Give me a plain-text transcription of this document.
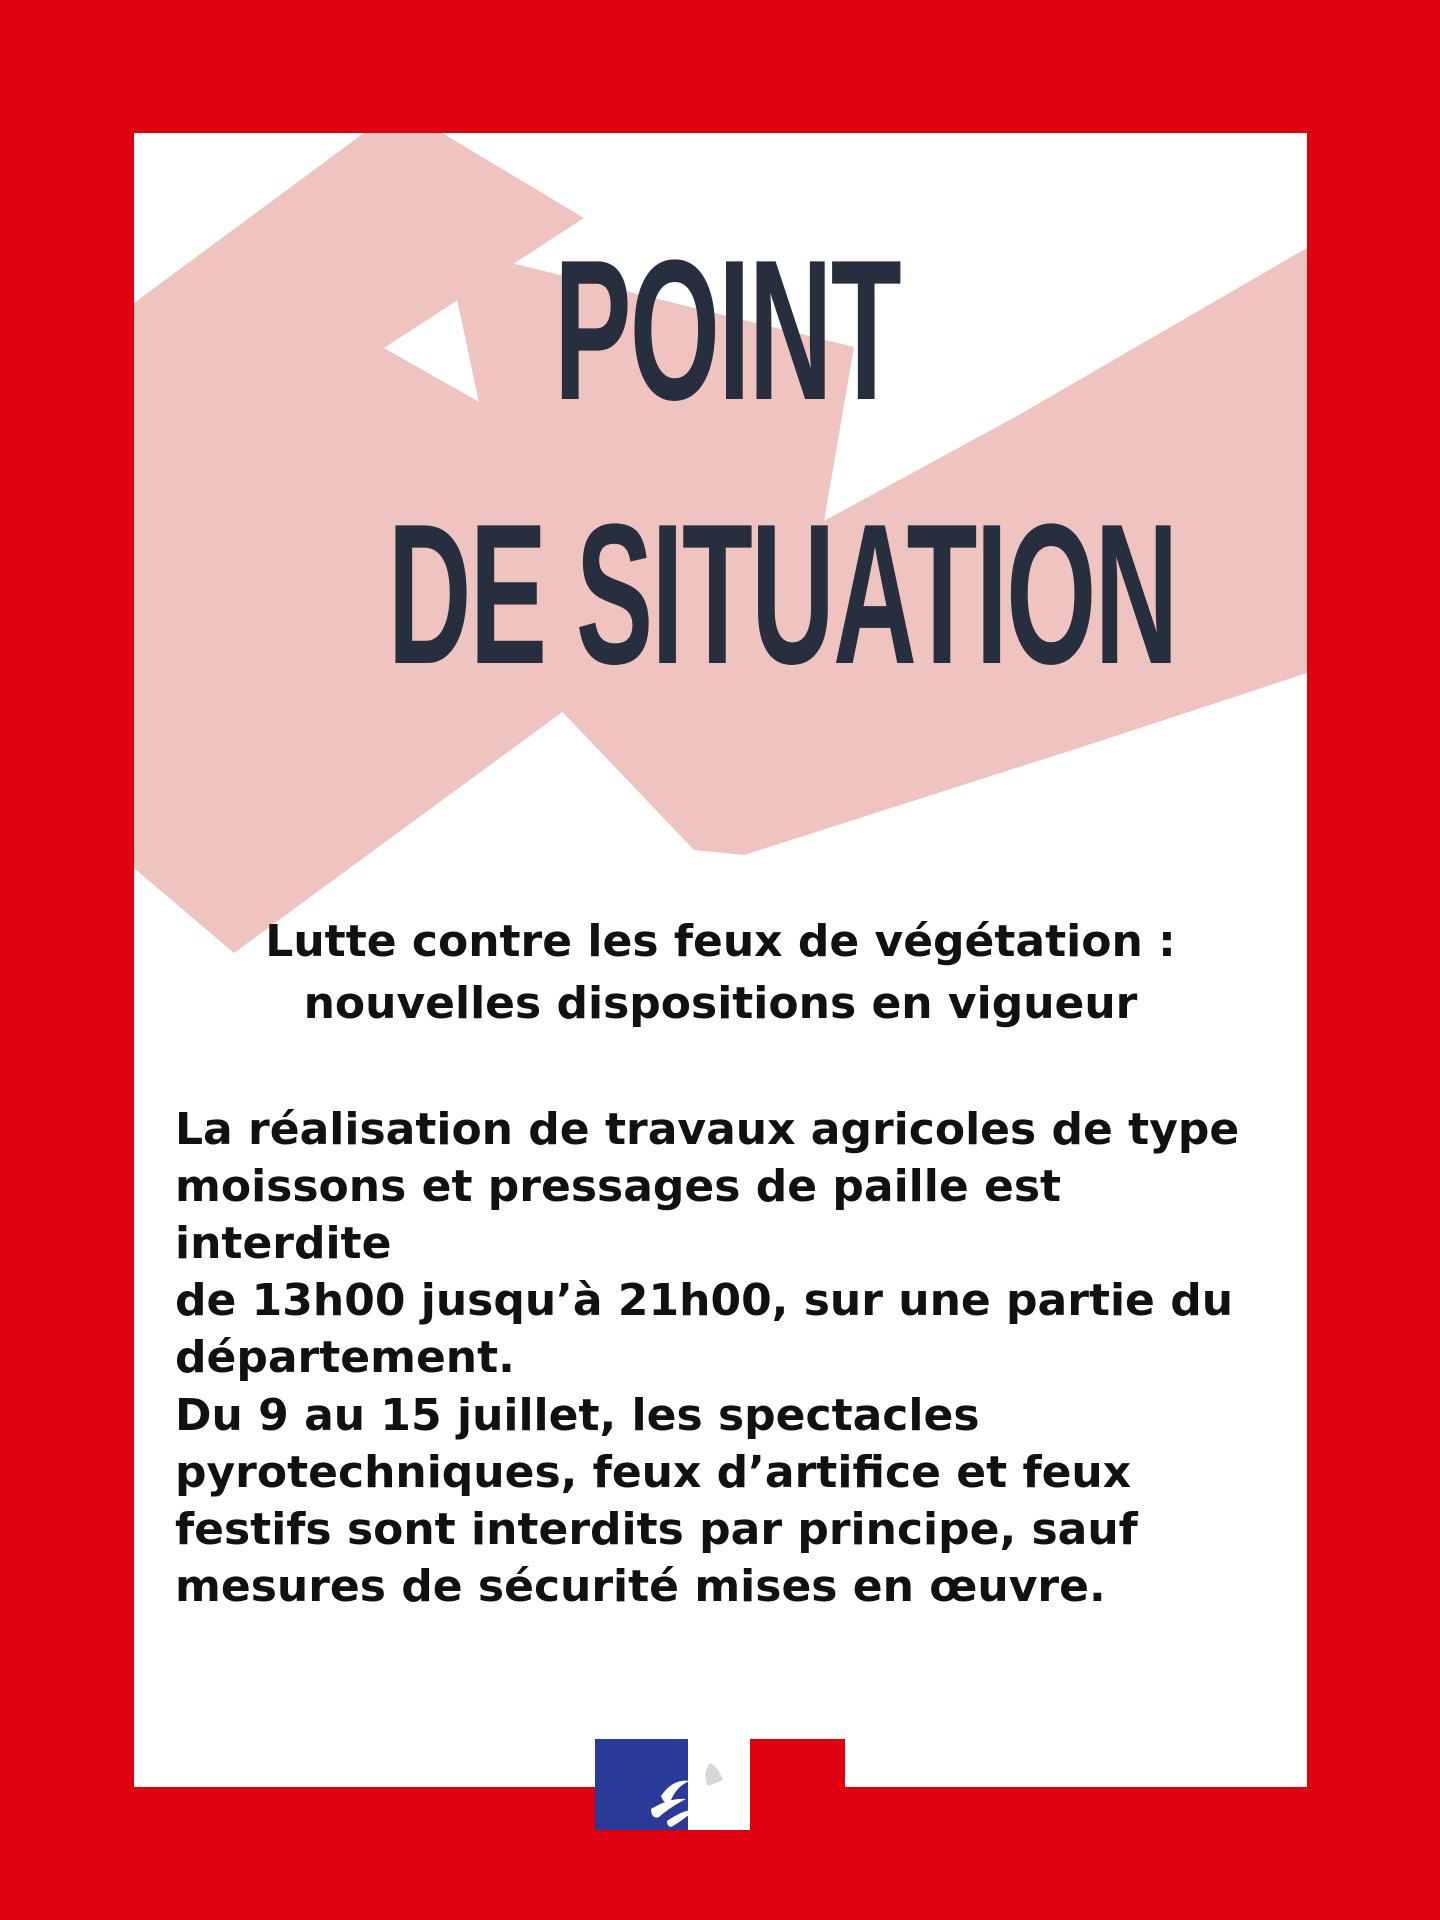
POINT
DE SITUATION
Lutte contre les feux de végétation :
nouvelles dispositions en vigueur
La réalisation de travaux agricoles de type
moissons et pressages de paille est interdite
de 13h00 jusqu’à 21h00, sur une partie du
département.
Du 9 au 15 juillet, les spectacles
pyrotechniques, feux d’artifice et feux
festifs sont interdits par principe, sauf
mesures de sécurité mises en œuvre.
